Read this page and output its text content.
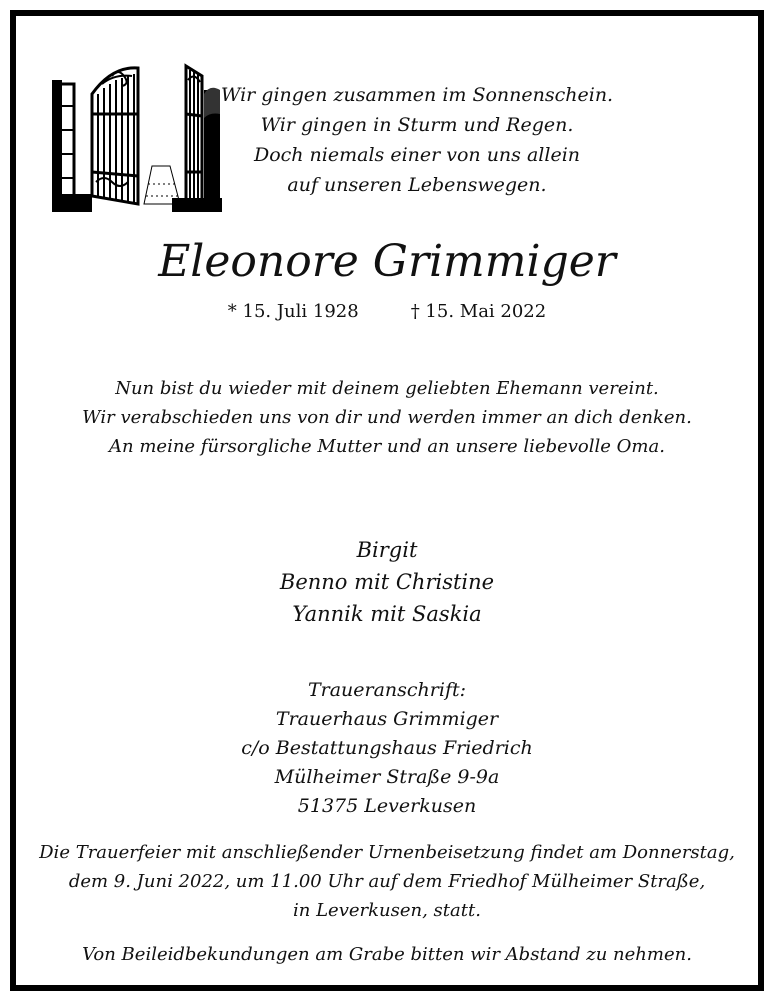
Wir gingen zusammen im Sonnenschein.
Wir gingen in Sturm und Regen.
Doch niemals einer von uns allein
auf unseren Lebenswegen.
Eleonore Grimmiger
* 15. Juli 1928	† 15. Mai 2022
Nun bist du wieder mit deinem geliebten Ehemann vereint.
Wir verabschieden uns von dir und werden immer an dich denken.
An meine fürsorgliche Mutter und an unsere liebevolle Oma.
Birgit
Benno mit Christine
Yannik mit Saskia
Traueranschrift:
Trauerhaus Grimmiger
c/o Bestattungshaus Friedrich
Mülheimer Straße 9-9a
51375 Leverkusen
Die Trauerfeier mit anschließender Urnenbeisetzung findet am Donnerstag,
dem 9. Juni 2022, um 11.00 Uhr auf dem Friedhof Mülheimer Straße,
in Leverkusen, statt.
Von Beileidbekundungen am Grabe bitten wir Abstand zu nehmen.
